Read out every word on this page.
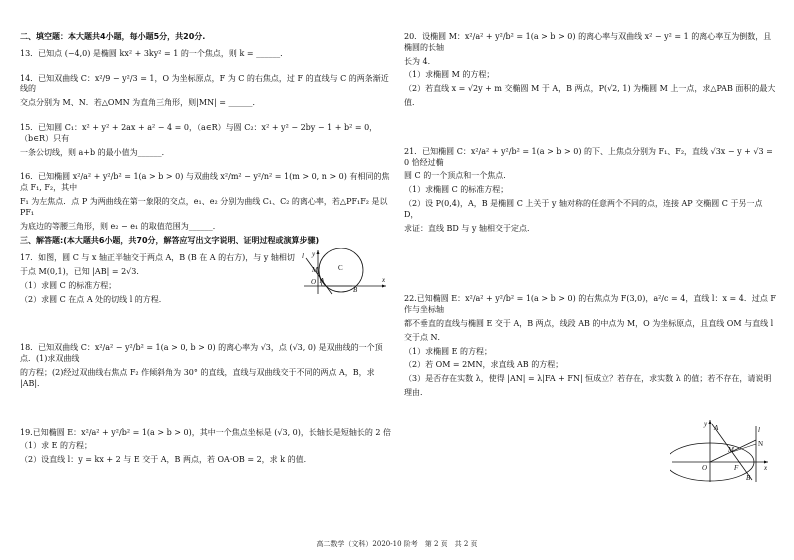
二、填空题：本大题共4小题，每小题5分，共20分.

13．已知点 (−4,0) 是椭圆 kx² + 3ky² = 1 的一个焦点，则 k = ______．

14．已知双曲线 C：x²/9 − y²/3 = 1，O 为坐标原点，F 为 C 的右焦点，过 F 的直线与 C 的两条渐近线的

交点分别为 M、N．若△OMN 为直角三角形，则|MN| = ______．

15．已知圆 C₁：x² + y² + 2ax + a² − 4 = 0，（a∈R）与圆 C₂：x² + y² − 2by − 1 + b² = 0，（b∈R）只有

一条公切线，则 a+b 的最小值为______．

16．已知椭圆 x²/a² + y²/b² = 1(a > b > 0) 与双曲线 x²/m² − y²/n² = 1(m > 0, n > 0) 有相同的焦点 F₁, F₂，其中

F₁ 为左焦点．点 P 为两曲线在第一象限的交点，e₁、e₂ 分别为曲线 C₁、C₂ 的离心率，若△PF₁F₂ 是以 PF₁

为底边的等腰三角形，则 e₂ − e₁ 的取值范围为______．

三、解答题:(本大题共6小题，共70分，解答应写出文字说明、证明过程或演算步骤)

17．如图，圆 C 与 x 轴正半轴交于两点 A，B (B 在 A 的右方)，与 y 轴相切

于点 M(0,1)，已知 |AB| = 2√3．

（1）求圆 C 的标准方程；

（2）求圆 C 在点 A 处的切线 l 的方程．

18．已知双曲线 C：x²/a² − y²/b² = 1(a > 0, b > 0) 的离心率为 √3，点 (√3, 0) 是双曲线的一个顶点．(1)求双曲线

的方程；(2)经过双曲线右焦点 F₂ 作倾斜角为 30° 的直线，直线与双曲线交于不同的两点 A，B，求 |AB|．

19.已知椭圆 E：x²/a² + y²/b² = 1(a > b > 0)，其中一个焦点坐标是 (√3, 0)，长轴长是短轴长的 2 倍

（1）求 E 的方程；

（2）设直线 l：y = kx + 2 与 E 交于 A，B 两点，若 OA·OB = 2，求 k 的值．

20．设椭圆 M：x²/a² + y²/b² = 1(a > b > 0) 的离心率与双曲线 x² − y² = 1 的离心率互为倒数，且椭圆的长轴

长为 4．

（1）求椭圆 M 的方程；

（2）若直线 x = √2y + m 交椭圆 M 于 A，B 两点，P(√2, 1) 为椭圆 M 上一点，求△PAB 面积的最大

值．

21．已知椭圆 C：x²/a² + y²/b² = 1(a > b > 0) 的下、上焦点分别为 F₁、F₂，直线 √3x − y + √3 = 0 恰经过椭

圆 C 的一个顶点和一个焦点．

（1）求椭圆 C 的标准方程；

（2）设 P(0,4)，A，B 是椭圆 C 上关于 y 轴对称的任意两个不同的点，连接 AP 交椭圆 C 于另一点 D，

求证：直线 BD 与 y 轴相交于定点．

22.已知椭圆 E：x²/a² + y²/b² = 1(a > b > 0) 的右焦点为 F(3,0)，a²/c = 4，直线 l：x = 4．过点 F 作与坐标轴

都不垂直的直线与椭圆 E 交于 A，B 两点，线段 AB 的中点为 M，O 为坐标原点，且直线 OM 与直线 l

交于点 N．

（1）求椭圆 E 的方程；

（2）若 OM = 2MN，求直线 AB 的方程；

（3）是否存在实数 λ，使得 |AN| = λ|FA + FN| 恒成立？若存在，求实数 λ 的值；若不存在，请说明

理由．

l y
M	C
O A
B
x
y A	l
M
N
O	F	x
B
高二数学（文科）2020-10 阶考　第 2 页　共 2 页
